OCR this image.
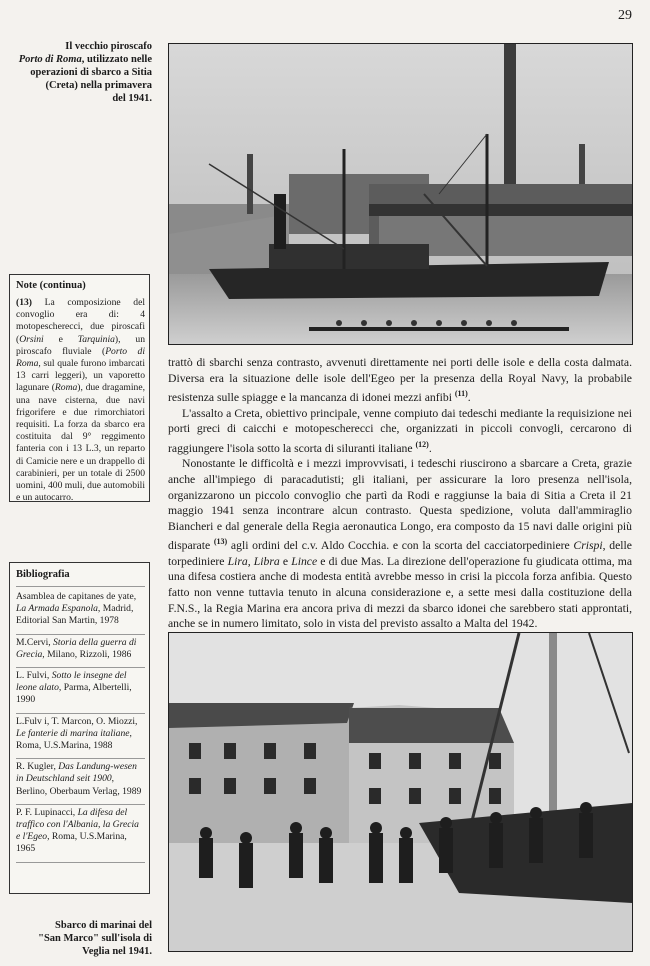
29
Il vecchio piroscafo
Porto di Roma, utilizzato nelle
operazioni di sbarco a Sitia
(Creta) nella primavera
del 1941.
Note (continua)

(13) La composizione del convoglio era di: 4 motopescherecci, due piroscafi (Orsini e Tarquinia), un piroscafo fluviale (Porto di Roma, sul quale furono imbarcati 13 carri leggeri), un vaporetto lagunare (Roma), due dragamine, una nave cisterna, due navi frigorifere e due rimorchiatori requisiti. La forza da sbarco era costituita dal 9° reggimento fanteria con i 13 L.3, un reparto di Camicie nere e un drappello di carabinieri, per un totale di 2500 uomini, 400 muli, due automobili e un autocarro.

Bibliografia

Asamblea de capitanes de yate, La Armada Espanola, Madrid, Editorial San Martin, 1978

M.Cervi, Storia della guerra di Grecia, Milano, Rizzoli, 1986

L. Fulvi, Sotto le insegne del leone alato, Parma, Albertelli, 1990

L.Fulv i, T. Marcon, O. Miozzi, Le fanterie di marina italiane, Roma, U.S.Marina, 1988

R. Kugler, Das Landung-wesen in Deutschland seit 1900, Berlino, Oberbaum Verlag, 1989

P. F. Lupinacci, La difesa del traffico con l'Albania, la Grecia e l'Egeo, Roma, U.S.Marina, 1965

Sbarco di marinai del
"San Marco" sull'isola di
Veglia nel 1941.

trattò di sbarchi senza contrasto, avvenuti direttamente nei porti delle isole e della costa dalmata. Diversa era la situazione delle isole dell'Egeo per la presenza della Royal Navy, la probabile resistenza sulle spiagge e la mancanza di idonei mezzi anfibi $^{(11)}$.

L'assalto a Creta, obiettivo principale, venne compiuto dai tedeschi mediante la requisizione nei porti greci di caicchi e motopescherecci che, organizzati in piccoli convogli, cercarono di raggiungere l'isola sotto la scorta di siluranti italiane $^{(12)}$.

Nonostante le difficoltà e i mezzi improvvisati, i tedeschi riuscirono a sbarcare a Creta, grazie anche all'impiego di paracadutisti; gli italiani, per assicurare la loro presenza nell'isola, organizzarono un piccolo convoglio che partì da Rodi e raggiunse la baia di Sitia a Creta il 21 maggio 1941 senza incontrare alcun contrasto. Questa spedizione, voluta dall'ammiraglio Biancheri e dal generale della Regia aeronautica Longo, era composto da 15 navi dalle origini più disparate $^{(13)}$ agli ordini del c.v. Aldo Cocchia. e con la scorta del cacciatorpediniere Crispi, delle torpediniere Lira, Libra e Lince e di due Mas. La direzione dell'operazione fu giudicata ottima, ma una difesa costiera anche di modesta entità avrebbe messo in crisi la piccola forza anfibia. Questo fatto non venne tuttavia tenuto in alcuna considerazione e, a sette mesi dalla costituzione della F.N.S., la Regia Marina era ancora priva di mezzi da sbarco idonei che sarebbero stati approntati, anche se in numero limitato, solo in vista del previsto assalto a Malta del 1942.
